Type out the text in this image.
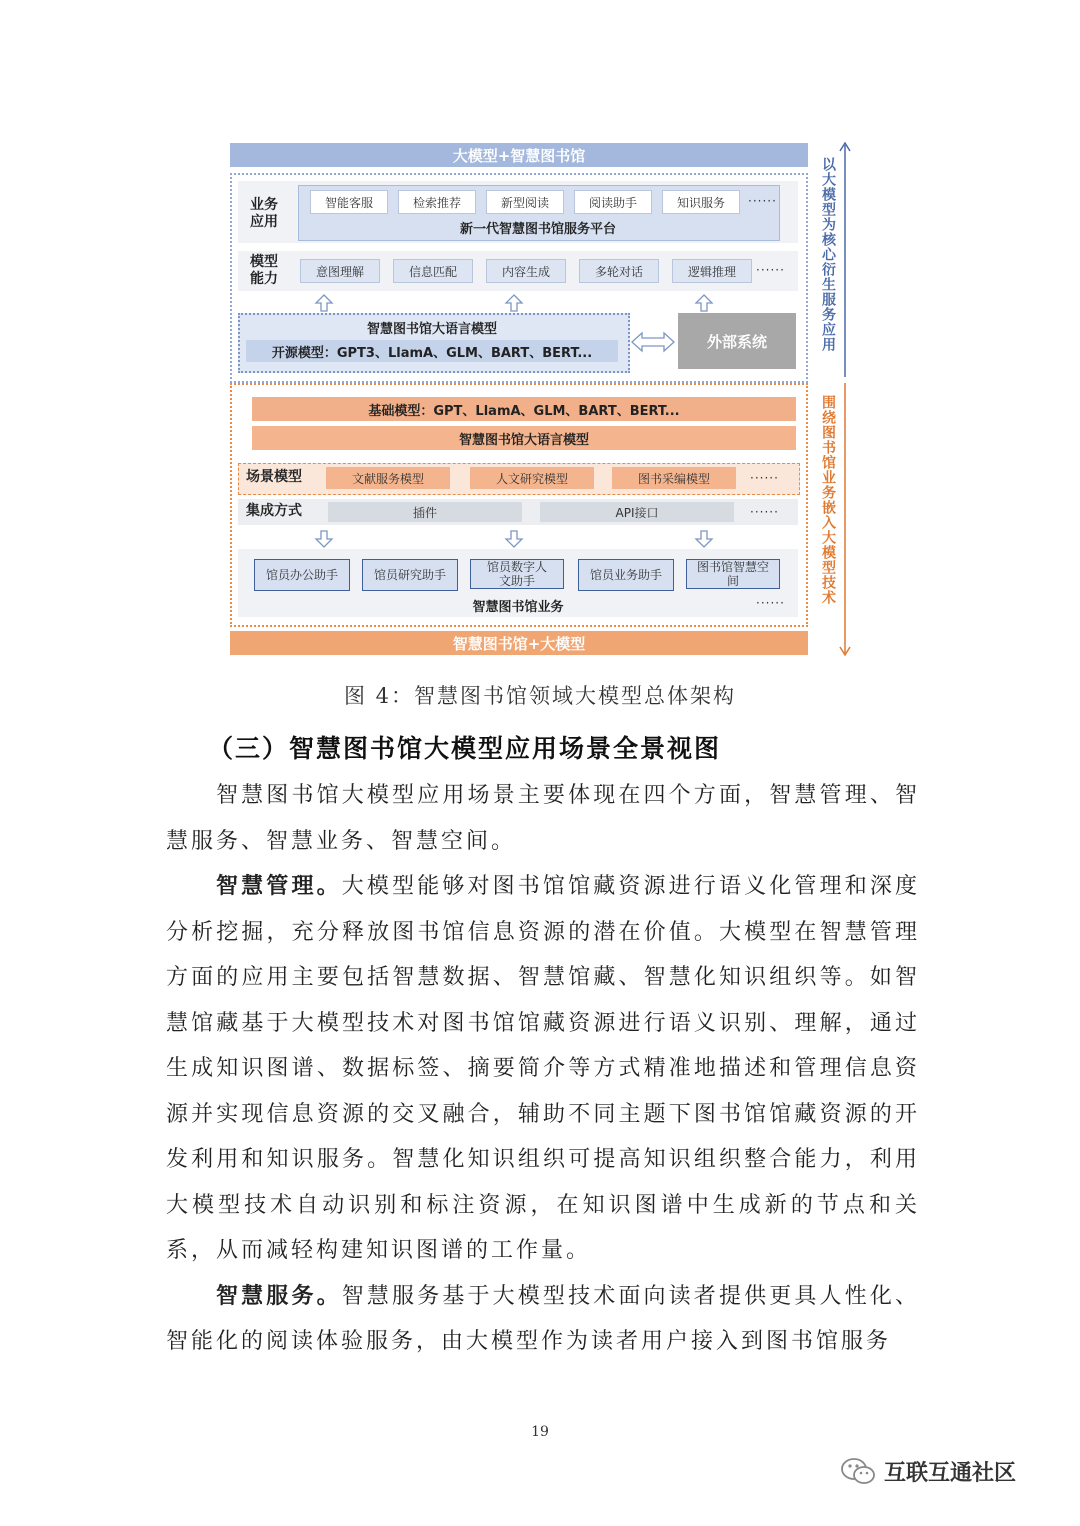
大模型+智慧图书馆
业务
应用
智能客服	检索推荐	新型阅读	阅读助手	知识服务	······
新一代智慧图书馆服务平台
模型
能力	意图理解	信息匹配	内容生成	多轮对话	逻辑推理	······
智慧图书馆大语言模型
开源模型：GPT3、LlamA、GLM、BART、BERT...
外部系统
基础模型：GPT、LlamA、GLM、BART、BERT...
智慧图书馆大语言模型
场景模型	文献服务模型	人文研究模型	图书采编模型	······
集成方式	插件	API接口	······
馆员办公助手	馆员研究助手
馆员数字人文助手	馆员业务助手
图书馆智慧空间
智慧图书馆业务	······
智慧图书馆+大模型
以大模型为核心衍生服务应用
围绕图书馆业务嵌入大模型技术
图 4：智慧图书馆领域大模型总体架构
（三）智慧图书馆大模型应用场景全景视图

智慧图书馆大模型应用场景主要体现在四个方面，智慧管理、智慧服务、智慧业务、智慧空间。

智慧管理。大模型能够对图书馆馆藏资源进行语义化管理和深度分析挖掘，充分释放图书馆信息资源的潜在价值。大模型在智慧管理方面的应用主要包括智慧数据、智慧馆藏、智慧化知识组织等。如智慧馆藏基于大模型技术对图书馆馆藏资源进行语义识别、理解，通过生成知识图谱、数据标签、摘要简介等方式精准地描述和管理信息资源并实现信息资源的交叉融合，辅助不同主题下图书馆馆藏资源的开发利用和知识服务。智慧化知识组织可提高知识组织整合能力，利用大模型技术自动识别和标注资源，在知识图谱中生成新的节点和关系，从而减轻构建知识图谱的工作量。

智慧服务。智慧服务基于大模型技术面向读者提供更具人性化、智能化的阅读体验服务，由大模型作为读者用户接入到图书馆服务

19
互联互通社区
